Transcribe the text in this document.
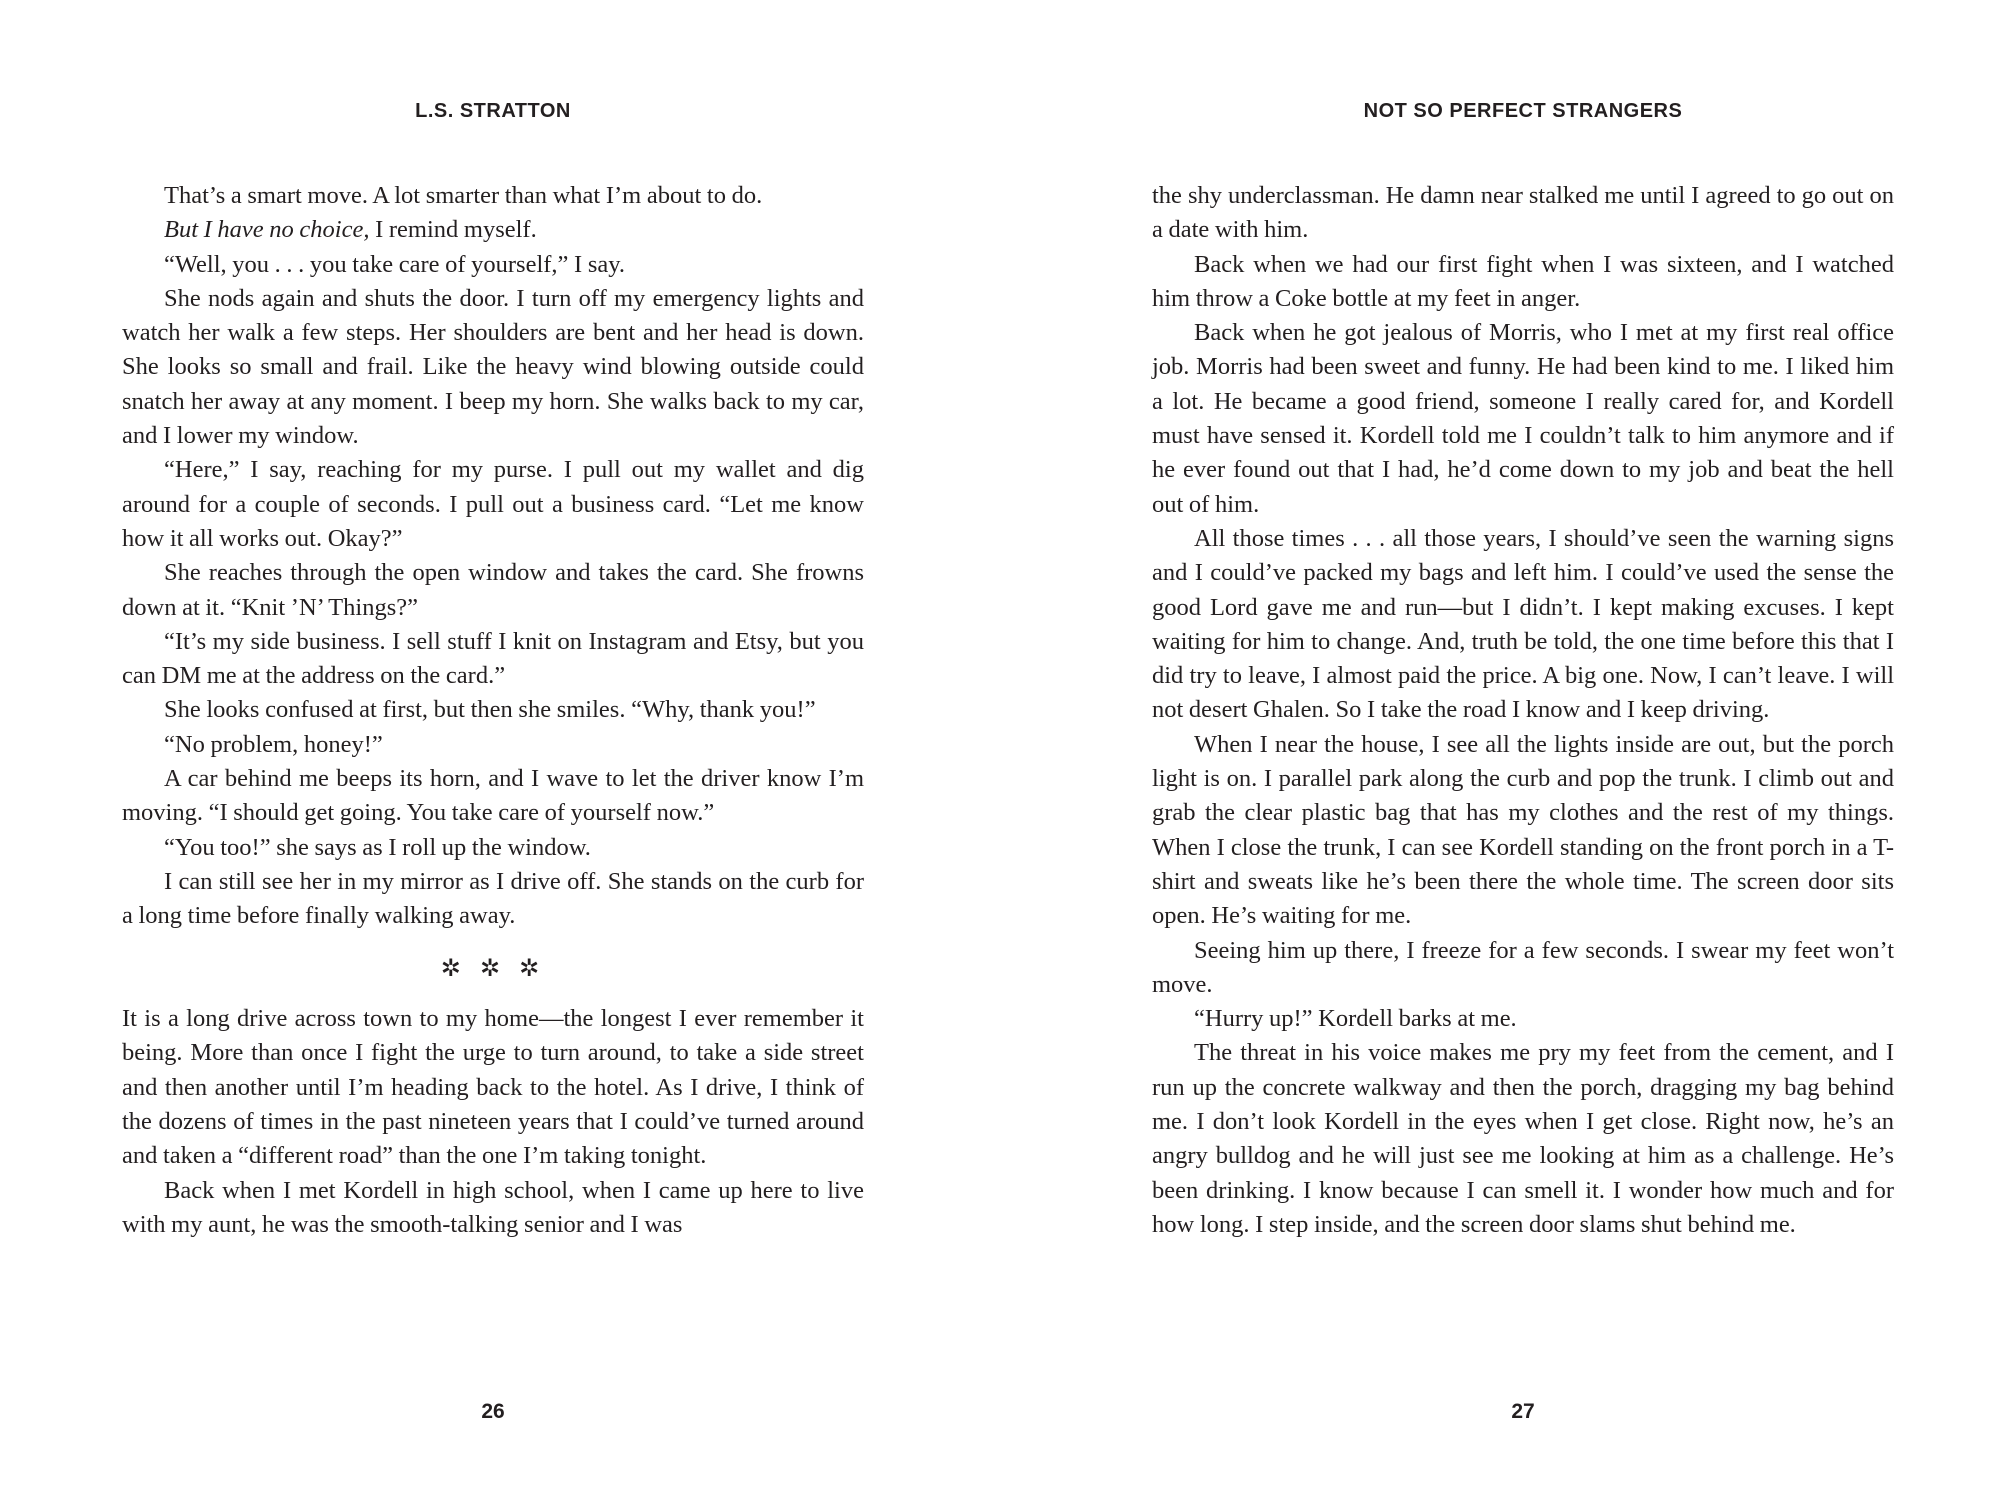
L.S. STRATTON

That’s a smart move. A lot smarter than what I’m about to do.

But I have no choice, I remind myself.

“Well, you . . . you take care of yourself,” I say.

She nods again and shuts the door. I turn off my emergency lights and watch her walk a few steps. Her shoulders are bent and her head is down. She looks so small and frail. Like the heavy wind blowing outside could snatch her away at any moment. I beep my horn. She walks back to my car, and I lower my window.

“Here,” I say, reaching for my purse. I pull out my wallet and dig around for a couple of seconds. I pull out a business card. “Let me know how it all works out. Okay?”

She reaches through the open window and takes the card. She frowns down at it. “Knit ’N’ Things?”

“It’s my side business. I sell stuff I knit on Instagram and Etsy, but you can DM me at the address on the card.”

She looks confused at first, but then she smiles. “Why, thank you!”

“No problem, honey!”

A car behind me beeps its horn, and I wave to let the driver know I’m moving. “I should get going. You take care of yourself now.”

“You too!” she says as I roll up the window.

I can still see her in my mirror as I drive off. She stands on the curb for a long time before finally walking away.

✲ ✲ ✲

It is a long drive across town to my home—the longest I ever remember it being. More than once I fight the urge to turn around, to take a side street and then another until I’m heading back to the hotel. As I drive, I think of the dozens of times in the past nineteen years that I could’ve turned around and taken a “different road” than the one I’m taking tonight.

Back when I met Kordell in high school, when I came up here to live with my aunt, he was the smooth-talking senior and I was

26
NOT SO PERFECT STRANGERS

the shy underclassman. He damn near stalked me until I agreed to go out on a date with him.

Back when we had our first fight when I was sixteen, and I watched him throw a Coke bottle at my feet in anger.

Back when he got jealous of Morris, who I met at my first real office job. Morris had been sweet and funny. He had been kind to me. I liked him a lot. He became a good friend, someone I really cared for, and Kordell must have sensed it. Kordell told me I couldn’t talk to him anymore and if he ever found out that I had, he’d come down to my job and beat the hell out of him.

All those times . . . all those years, I should’ve seen the warning signs and I could’ve packed my bags and left him. I could’ve used the sense the good Lord gave me and run—but I didn’t. I kept making excuses. I kept waiting for him to change. And, truth be told, the one time before this that I did try to leave, I almost paid the price. A big one. Now, I can’t leave. I will not desert Ghalen. So I take the road I know and I keep driving.

When I near the house, I see all the lights inside are out, but the porch light is on. I parallel park along the curb and pop the trunk. I climb out and grab the clear plastic bag that has my clothes and the rest of my things. When I close the trunk, I can see Kordell standing on the front porch in a T-shirt and sweats like he’s been there the whole time. The screen door sits open. He’s waiting for me.

Seeing him up there, I freeze for a few seconds. I swear my feet won’t move.

“Hurry up!” Kordell barks at me.

The threat in his voice makes me pry my feet from the cement, and I run up the concrete walkway and then the porch, dragging my bag behind me. I don’t look Kordell in the eyes when I get close. Right now, he’s an angry bulldog and he will just see me looking at him as a challenge. He’s been drinking. I know because I can smell it. I wonder how much and for how long. I step inside, and the screen door slams shut behind me.

27
